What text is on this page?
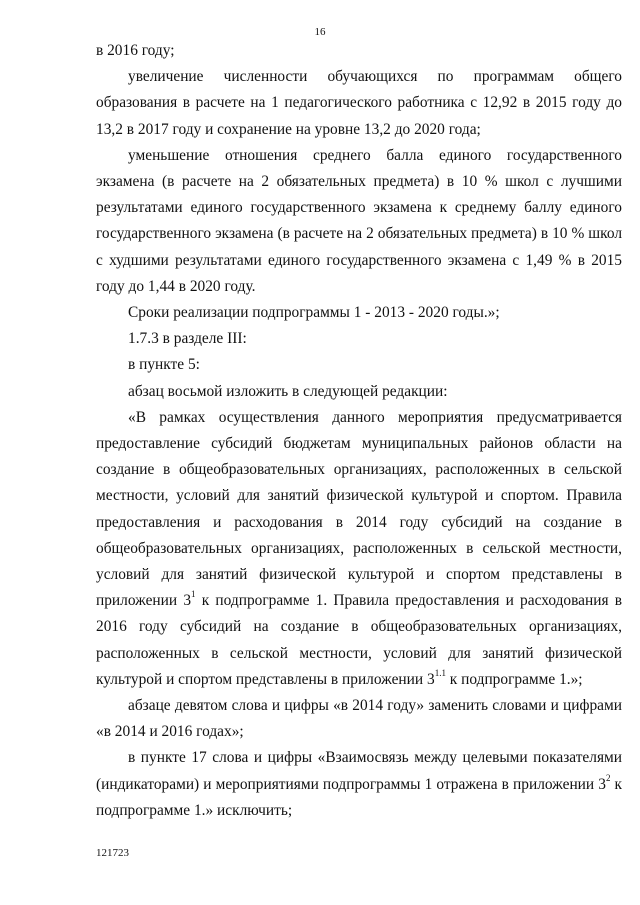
16

в 2016 году;

увеличение численности обучающихся по программам общего образования в расчете на 1 педагогического работника с 12,92 в 2015 году до 13,2 в 2017 году и сохранение на уровне 13,2 до 2020 года;

уменьшение отношения среднего балла единого государственного экзамена (в расчете на 2 обязательных предмета) в 10 % школ с лучшими результатами единого государственного экзамена к среднему баллу единого государственного экзамена (в расчете на 2 обязательных предмета) в 10 % школ с худшими результатами единого государственного экзамена с 1,49 % в 2015 году до 1,44 в 2020 году.

Сроки реализации подпрограммы 1 - 2013 - 2020 годы.»;

1.7.3 в разделе III:

в пункте 5:

абзац восьмой изложить в следующей редакции:

«В рамках осуществления данного мероприятия предусматривается предоставление субсидий бюджетам муниципальных районов области на создание в общеобразовательных организациях, расположенных в сельской местности, условий для занятий физической культурой и спортом. Правила предоставления и расходования в 2014 году субсидий на создание в общеобразовательных организациях, расположенных в сельской местности, условий для занятий физической культурой и спортом представлены в приложении $3^1$ к подпрограмме 1. Правила предоставления и расходования в 2016 году субсидий на создание в общеобразовательных организациях, расположенных в сельской местности, условий для занятий физической культурой и спортом представлены в приложении $3^{1.1}$ к подпрограмме 1.»;

абзаце девятом слова и цифры «в 2014 году» заменить словами и цифрами «в 2014 и 2016 годах»;

в пункте 17 слова и цифры «Взаимосвязь между целевыми показателями (индикаторами) и мероприятиями подпрограммы 1 отражена в приложении $3^2$ к подпрограмме 1.» исключить;

121723
